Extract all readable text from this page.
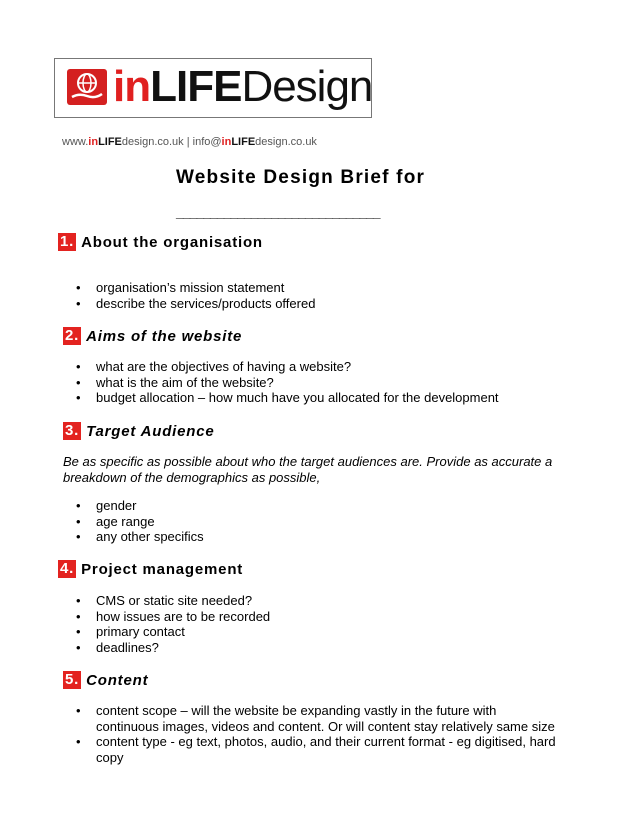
inLIFEDesign
www.inLIFEdesign.co.uk | info@inLIFEdesign.co.uk
Website Design Brief for
______________________________
1. About the organisation
• organisation’s mission statement
• describe the services/products offered
2. Aims of the website
• what are the objectives of having a website?
• what is the aim of the website?
• budget allocation – how much have you allocated for the development
3. Target Audience
Be as specific as possible about who the target audiences are. Provide as accurate a breakdown of the demographics as possible,
• gender
• age range
• any other specifics
4. Project management
• CMS or static site needed?
• how issues are to be recorded
• primary contact
• deadlines?
5. Content
• content scope – will the website be expanding vastly in the future with continuous images, videos and content. Or will content stay relatively same size
• content type - eg text, photos, audio, and their current format - eg digitised, hard copy
